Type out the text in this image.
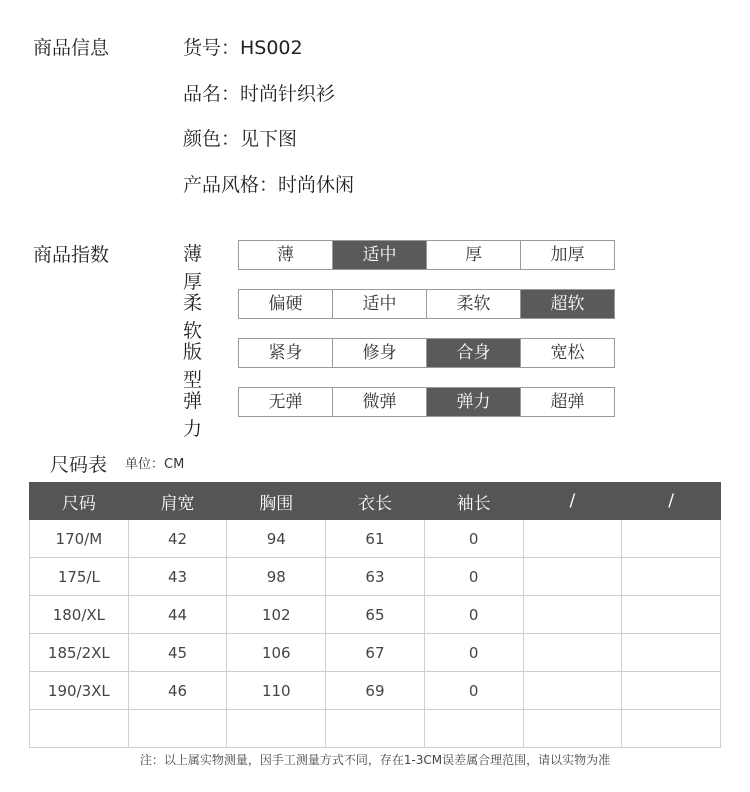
商品信息	货号：HS002
品名：时尚针织衫
颜色：见下图
产品风格：时尚休闲
商品指数	薄厚
薄	适中	厚	加厚
柔软
偏硬	适中	柔软	超软
版型
紧身	修身	合身	宽松
弹力
无弹	微弹	弹力	超弹
尺码表 单位：CM
尺码	肩宽	胸围	衣长	袖长	/	/
170/M	42	94	61	0		
175/L	43	98	63	0		
180/XL	44	102	65	0		
185/2XL	45	106	67	0		
190/3XL	46	110	69	0		

注：以上属实物测量，因手工测量方式不同，存在1-3CM误差属合理范围，请以实物为准
